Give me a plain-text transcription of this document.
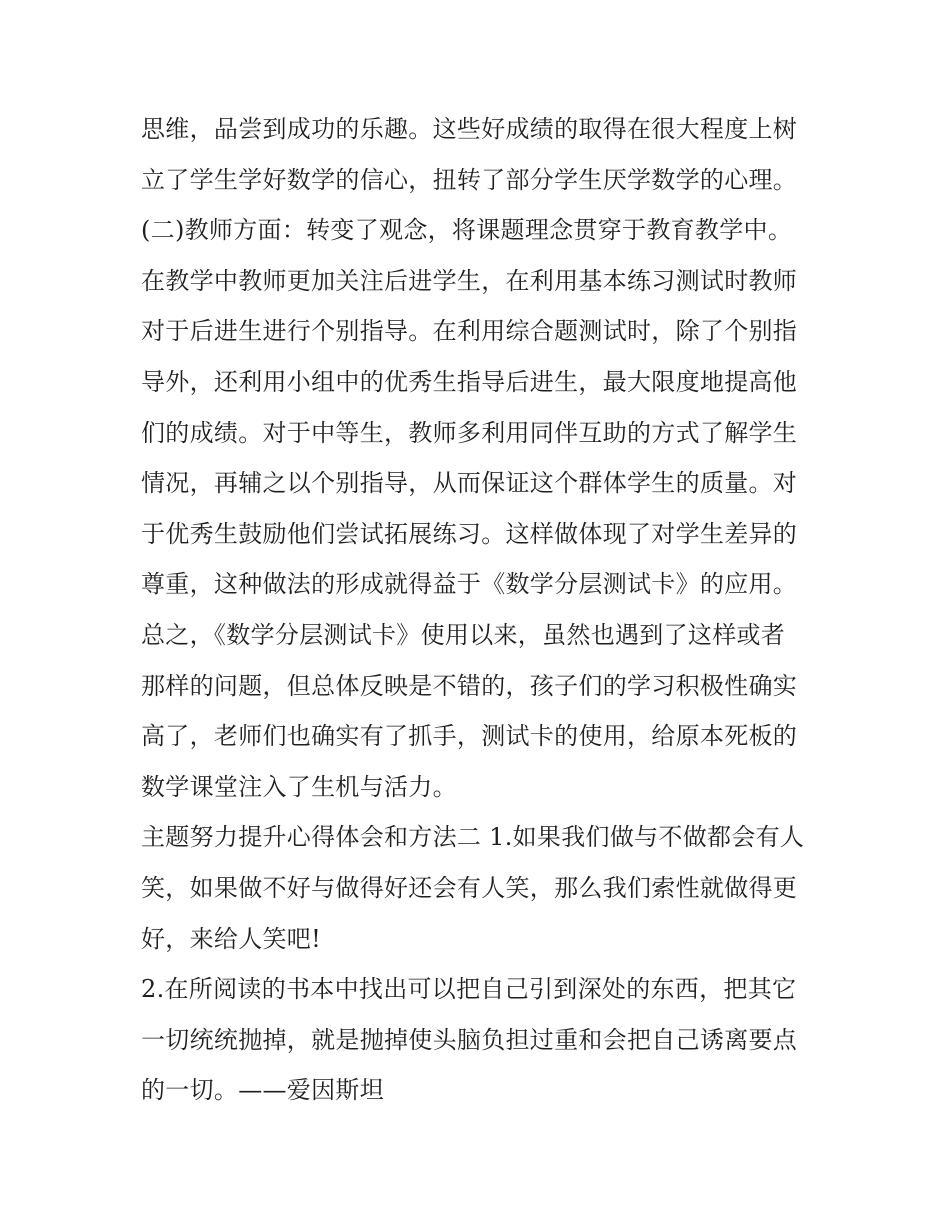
思维，品尝到成功的乐趣。这些好成绩的取得在很大程度上树
立了学生学好数学的信心，扭转了部分学生厌学数学的心理。
(二)教师方面：转变了观念，将课题理念贯穿于教育教学中。
在教学中教师更加关注后进学生，在利用基本练习测试时教师
对于后进生进行个别指导。在利用综合题测试时，除了个别指
导外，还利用小组中的优秀生指导后进生，最大限度地提高他
们的成绩。对于中等生，教师多利用同伴互助的方式了解学生
情况，再辅之以个别指导，从而保证这个群体学生的质量。对
于优秀生鼓励他们尝试拓展练习。这样做体现了对学生差异的
尊重，这种做法的形成就得益于《数学分层测试卡》的应用。
总之，《数学分层测试卡》使用以来，虽然也遇到了这样或者
那样的问题，但总体反映是不错的，孩子们的学习积极性确实
高了，老师们也确实有了抓手，测试卡的使用，给原本死板的
数学课堂注入了生机与活力。
主题努力提升心得体会和方法二 1.如果我们做与不做都会有人
笑，如果做不好与做得好还会有人笑，那么我们索性就做得更
好，来给人笑吧!
2.在所阅读的书本中找出可以把自己引到深处的东西，把其它
一切统统抛掉，就是抛掉使头脑负担过重和会把自己诱离要点
的一切。——爱因斯坦
